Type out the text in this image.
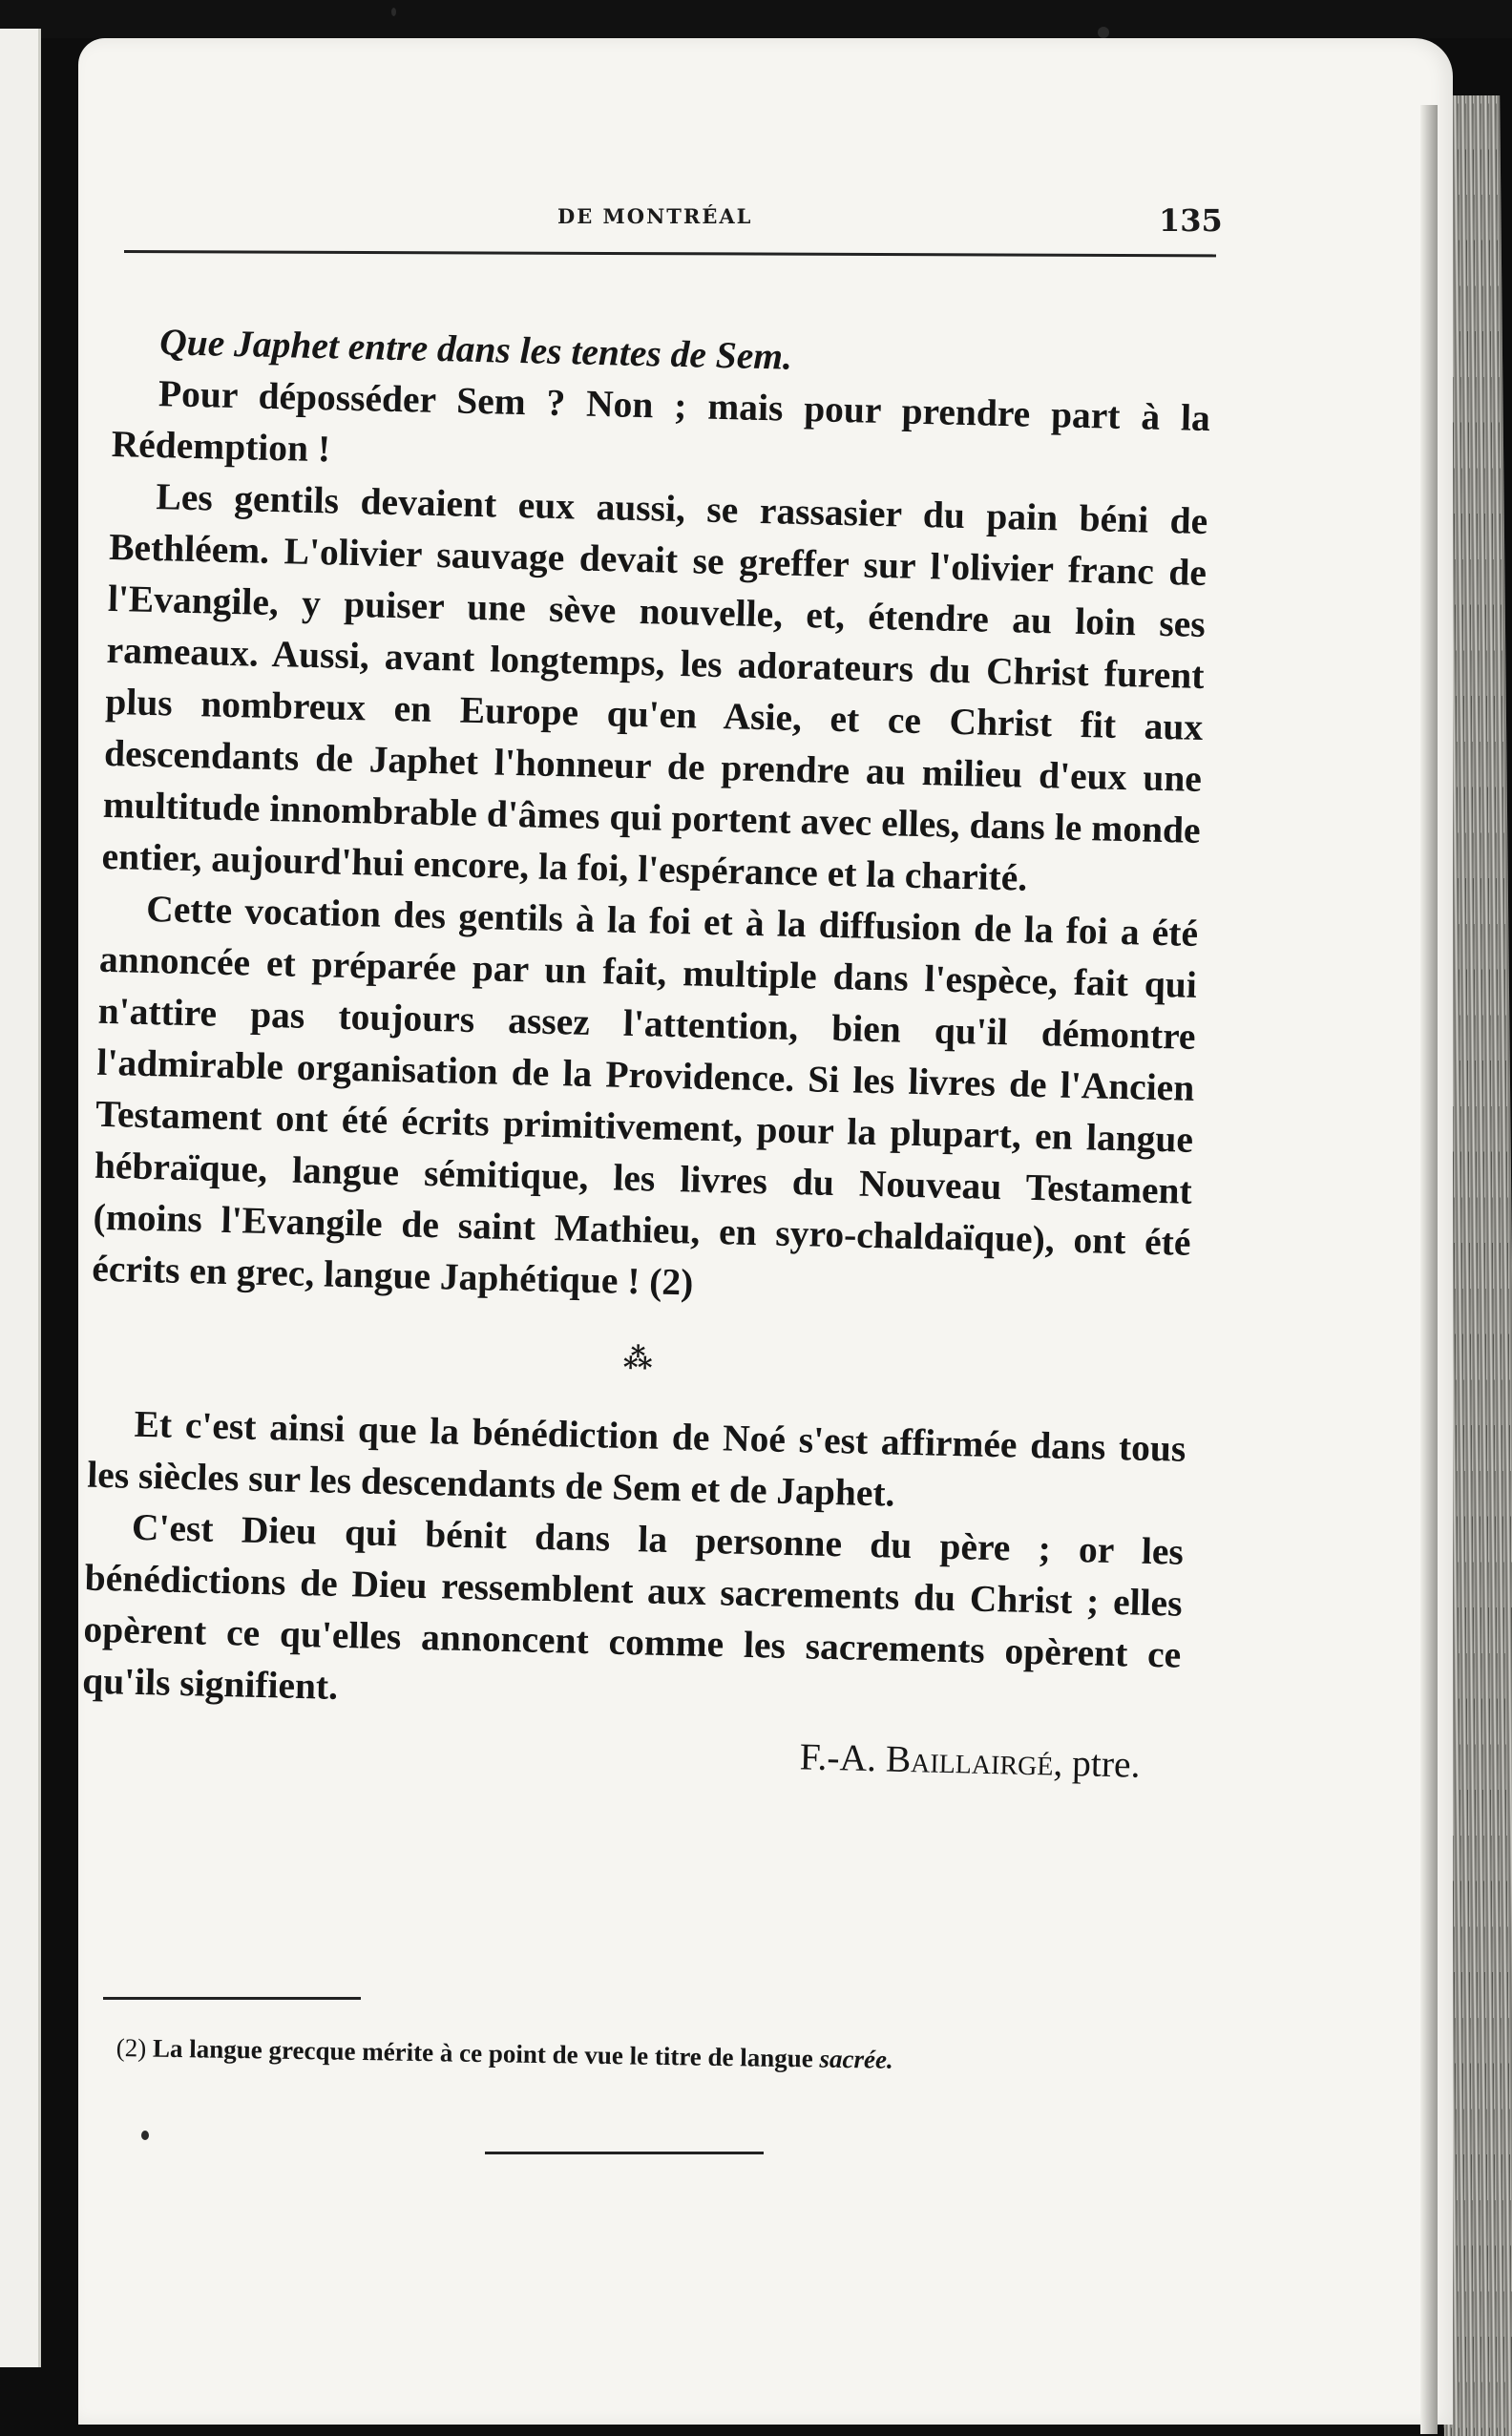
DE MONTRÉAL	135

Que Japhet entre dans les tentes de Sem.

Pour déposséder Sem ? Non ; mais pour prendre part à la Rédemption !

Les gentils devaient eux aussi, se rassasier du pain béni de Bethléem. L'olivier sauvage devait se greffer sur l'olivier franc de l'Evangile, y puiser une sève nouvelle, et, étendre au loin ses rameaux. Aussi, avant longtemps, les adorateurs du Christ furent plus nombreux en Europe qu'en Asie, et ce Christ fit aux descendants de Japhet l'honneur de prendre au milieu d'eux une multitude innombrable d'âmes qui portent avec elles, dans le monde entier, aujourd'hui encore, la foi, l'espérance et la charité.

Cette vocation des gentils à la foi et à la diffusion de la foi a été annoncée et préparée par un fait, multiple dans l'espèce, fait qui n'attire pas toujours assez l'attention, bien qu'il démontre l'admirable organisation de la Providence. Si les livres de l'Ancien Testament ont été écrits primitivement, pour la plupart, en langue hébraïque, langue sémitique, les livres du Nouveau Testament (moins l'Evangile de saint Mathieu, en syro-chaldaïque), ont été écrits en grec, langue Japhétique ! (2)

⁂

Et c'est ainsi que la bénédiction de Noé s'est affirmée dans tous les siècles sur les descendants de Sem et de Japhet.

C'est Dieu qui bénit dans la personne du père ; or les bénédictions de Dieu ressemblent aux sacrements du Christ ; elles opèrent ce qu'elles annoncent comme les sacrements opèrent ce qu'ils signifient.

F.-A. Baillairgé, ptre.
(2) La langue grecque mérite à ce point de vue le titre de langue sacrée.
